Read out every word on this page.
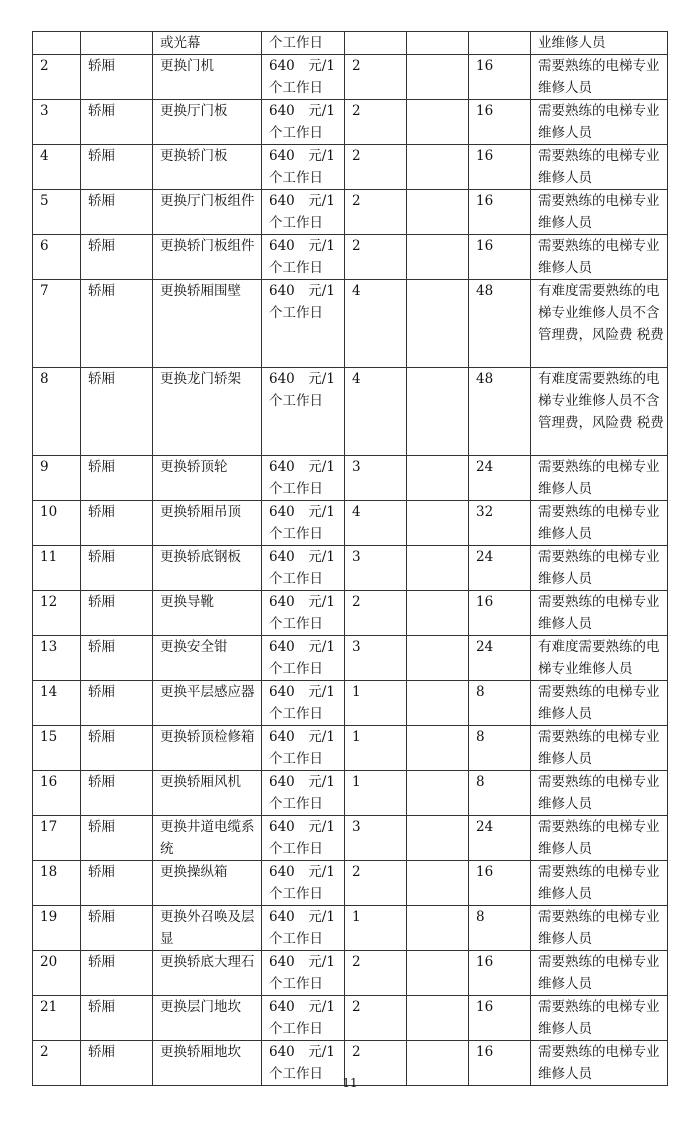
		或光幕	个工作日				业维修人员
2	轿厢	更换门机	640　元/1个工作日	2		16	需要熟练的电梯专业维修人员
3	轿厢	更换厅门板	640　元/1个工作日	2		16	需要熟练的电梯专业维修人员
4	轿厢	更换轿门板	640　元/1个工作日	2		16	需要熟练的电梯专业维修人员
5	轿厢	更换厅门板组件	640　元/1个工作日	2		16	需要熟练的电梯专业维修人员
6	轿厢	更换轿门板组件	640　元/1个工作日	2		16	需要熟练的电梯专业维修人员
7	轿厢	更换轿厢围壁	640　元/1个工作日	4		48	有难度需要熟练的电梯专业维修人员不含管理费，风险费 税费
8	轿厢	更换龙门轿架	640　元/1个工作日	4		48	有难度需要熟练的电梯专业维修人员不含管理费，风险费 税费
9	轿厢	更换轿顶轮	640　元/1个工作日	3		24	需要熟练的电梯专业维修人员
10	轿厢	更换轿厢吊顶	640　元/1个工作日	4		32	需要熟练的电梯专业维修人员
11	轿厢	更换轿底钢板	640　元/1个工作日	3		24	需要熟练的电梯专业维修人员
12	轿厢	更换导靴	640　元/1个工作日	2		16	需要熟练的电梯专业维修人员
13	轿厢	更换安全钳	640　元/1个工作日	3		24	有难度需要熟练的电梯专业维修人员
14	轿厢	更换平层感应器	640　元/1个工作日	1		8	需要熟练的电梯专业维修人员
15	轿厢	更换轿顶检修箱	640　元/1个工作日	1		8	需要熟练的电梯专业维修人员
16	轿厢	更换轿厢风机	640　元/1个工作日	1		8	需要熟练的电梯专业维修人员
17	轿厢	更换井道电缆系统	640　元/1个工作日	3		24	需要熟练的电梯专业维修人员
18	轿厢	更换操纵箱	640　元/1个工作日	2		16	需要熟练的电梯专业维修人员
19	轿厢	更换外召唤及层显	640　元/1个工作日	1		8	需要熟练的电梯专业维修人员
20	轿厢	更换轿底大理石	640　元/1个工作日	2		16	需要熟练的电梯专业维修人员
21	轿厢	更换层门地坎	640　元/1个工作日	2		16	需要熟练的电梯专业维修人员
2	轿厢	更换轿厢地坎	640　元/1个工作日	2		16	需要熟练的电梯专业维修人员
11
